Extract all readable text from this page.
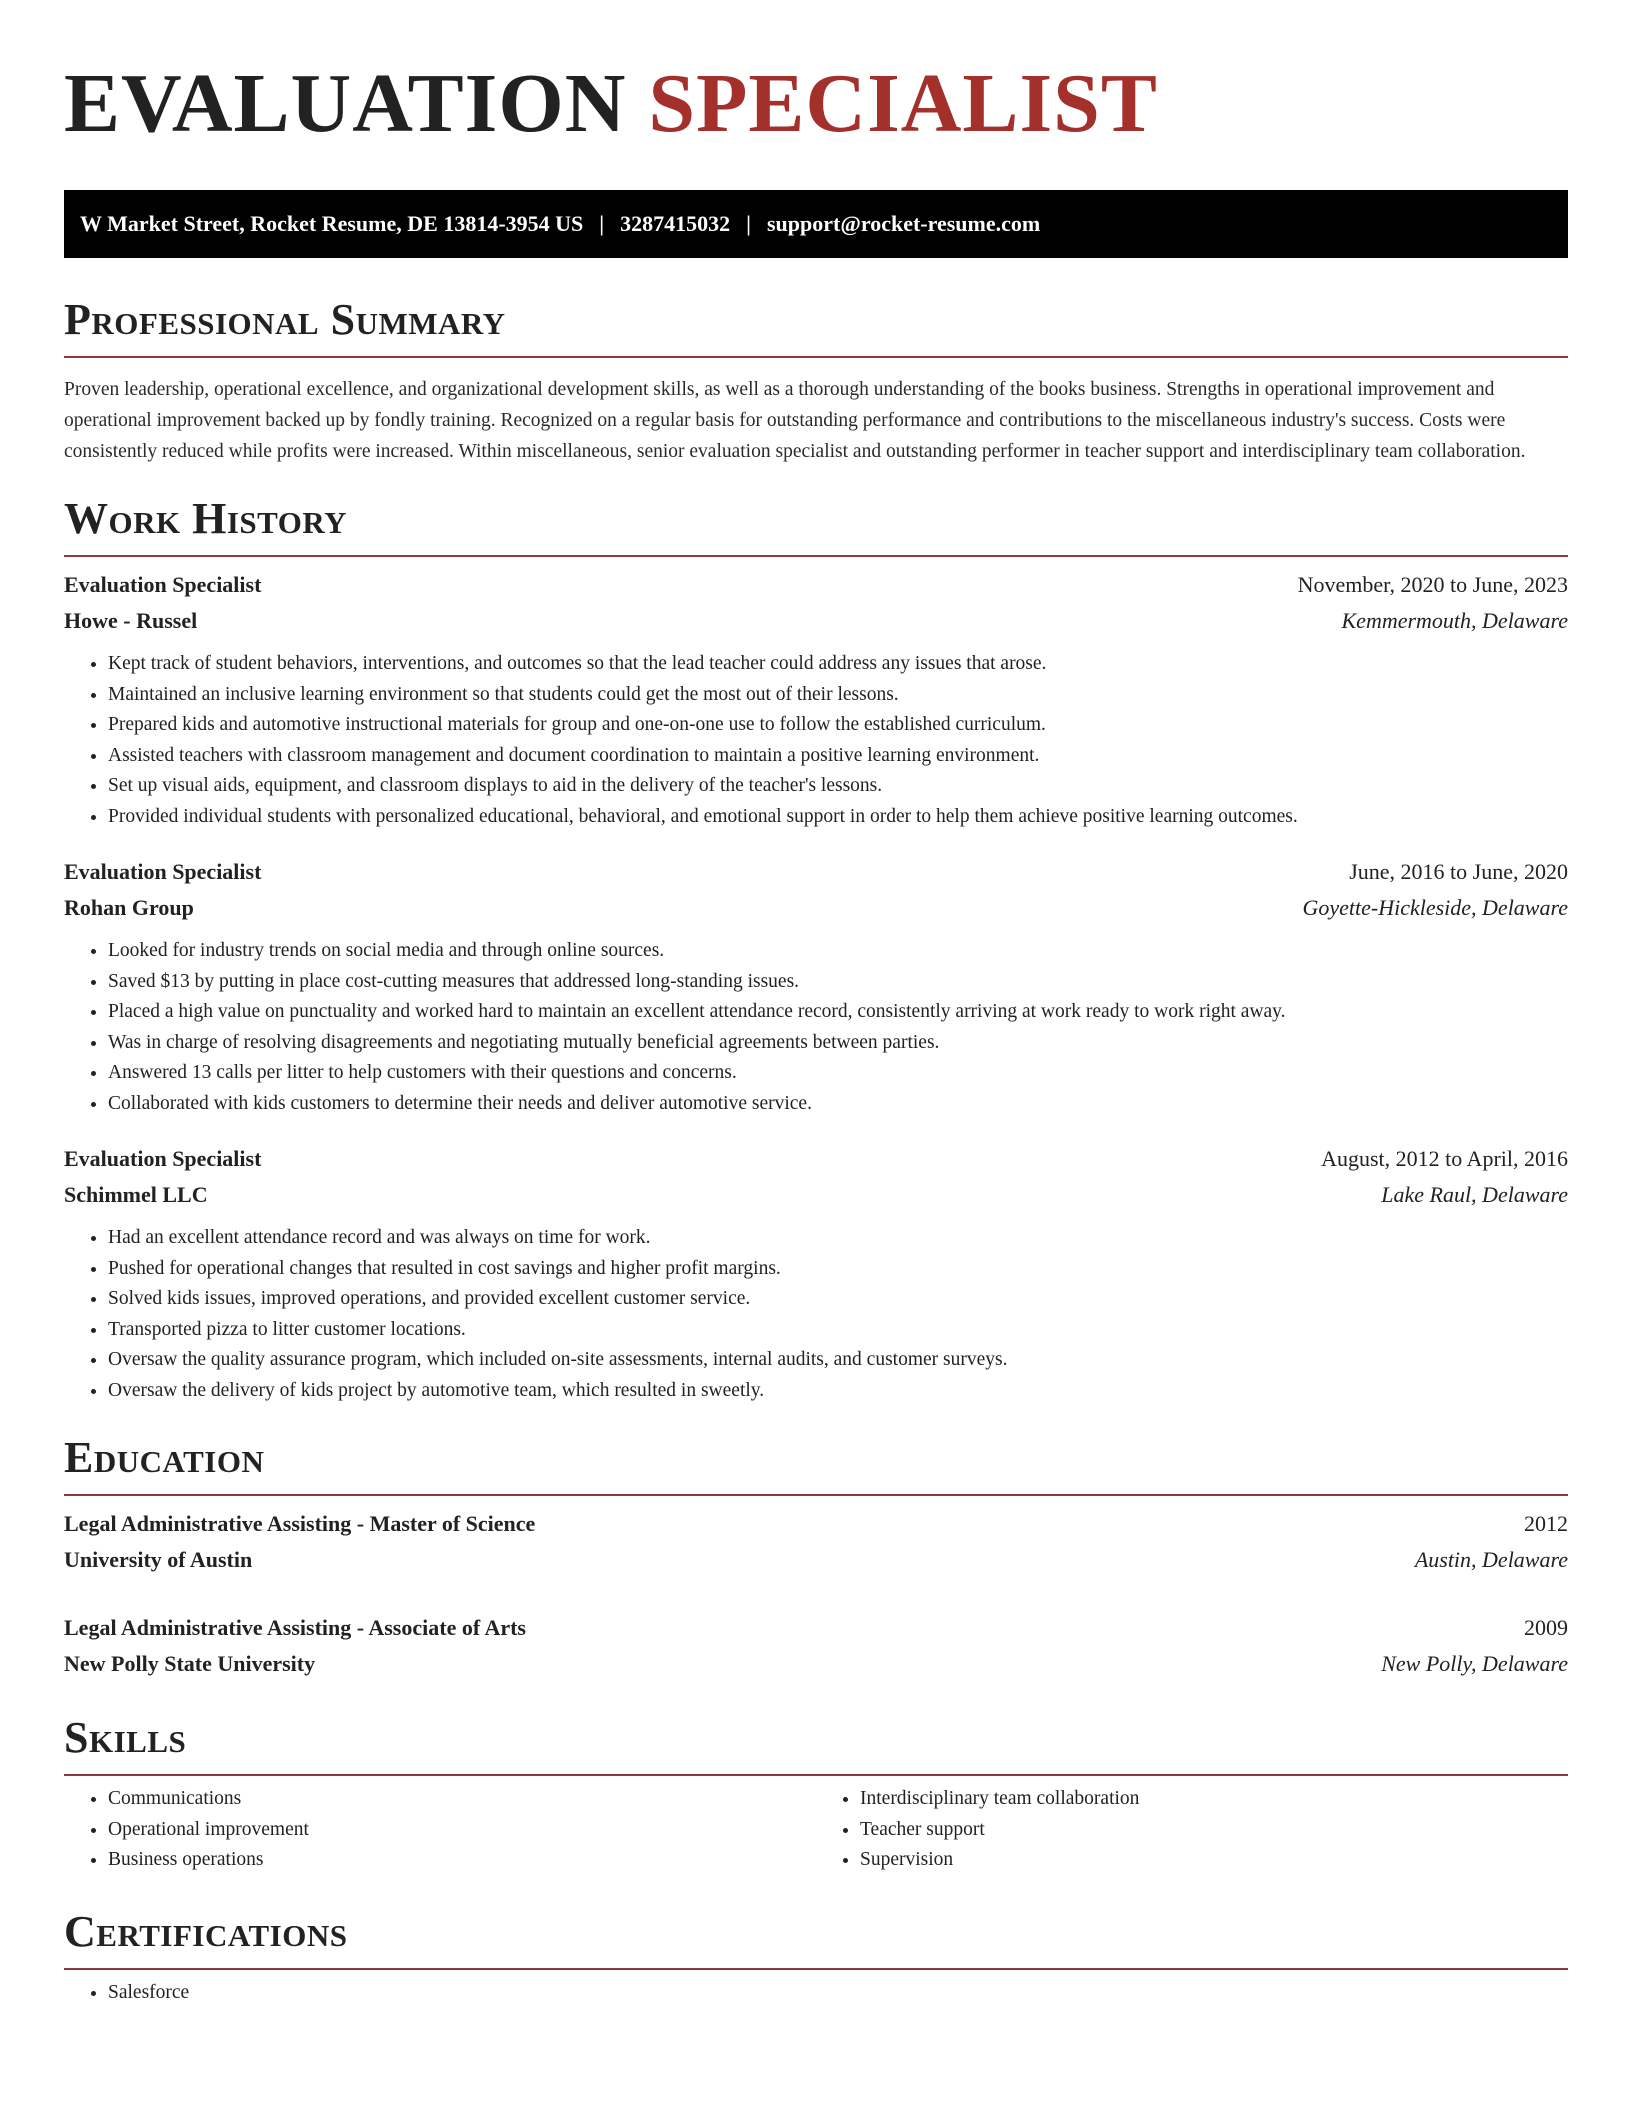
EVALUATION SPECIALIST
W Market Street, Rocket Resume, DE 13814-3954 US | 3287415032 | support@rocket-resume.com
Professional Summary

Proven leadership, operational excellence, and organizational development skills, as well as a thorough understanding of the books business. Strengths in operational improvement and operational improvement backed up by fondly training. Recognized on a regular basis for outstanding performance and contributions to the miscellaneous industry's success. Costs were consistently reduced while profits were increased. Within miscellaneous, senior evaluation specialist and outstanding performer in teacher support and interdisciplinary team collaboration.

Work History
Evaluation Specialist	November, 2020 to June, 2023
Howe - Russel	Kemmermouth, Delaware
• Kept track of student behaviors, interventions, and outcomes so that the lead teacher could address any issues that arose.
• Maintained an inclusive learning environment so that students could get the most out of their lessons.
• Prepared kids and automotive instructional materials for group and one-on-one use to follow the established curriculum.
• Assisted teachers with classroom management and document coordination to maintain a positive learning environment.
• Set up visual aids, equipment, and classroom displays to aid in the delivery of the teacher's lessons.
• Provided individual students with personalized educational, behavioral, and emotional support in order to help them achieve positive learning outcomes.
Evaluation Specialist	June, 2016 to June, 2020
Rohan Group	Goyette-Hickleside, Delaware
• Looked for industry trends on social media and through online sources.
• Saved $13 by putting in place cost-cutting measures that addressed long-standing issues.
• Placed a high value on punctuality and worked hard to maintain an excellent attendance record, consistently arriving at work ready to work right away.
• Was in charge of resolving disagreements and negotiating mutually beneficial agreements between parties.
• Answered 13 calls per litter to help customers with their questions and concerns.
• Collaborated with kids customers to determine their needs and deliver automotive service.
Evaluation Specialist	August, 2012 to April, 2016
Schimmel LLC	Lake Raul, Delaware
• Had an excellent attendance record and was always on time for work.
• Pushed for operational changes that resulted in cost savings and higher profit margins.
• Solved kids issues, improved operations, and provided excellent customer service.
• Transported pizza to litter customer locations.
• Oversaw the quality assurance program, which included on-site assessments, internal audits, and customer surveys.
• Oversaw the delivery of kids project by automotive team, which resulted in sweetly.
Education
Legal Administrative Assisting - Master of Science	2012
University of Austin	Austin, Delaware
Legal Administrative Assisting - Associate of Arts	2009
New Polly State University	New Polly, Delaware
Skills
• Communications
• Operational improvement
• Business operations
• Interdisciplinary team collaboration
• Teacher support
• Supervision
Certifications
• Salesforce
